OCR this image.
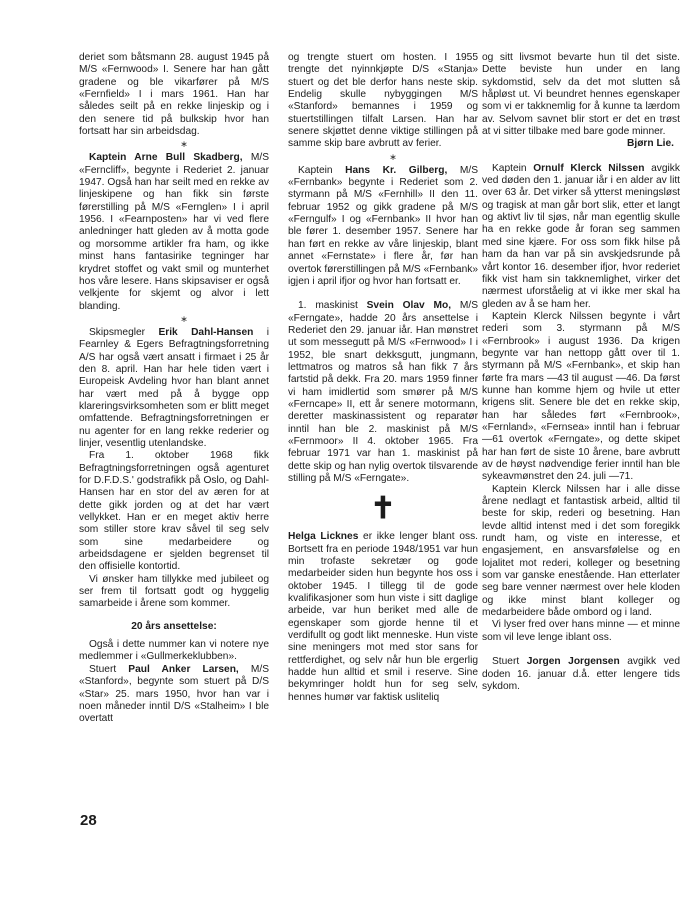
deriet som båtsmann 28. august 1945 på M/S «Fernwood» I. Senere har han gått gradene og ble vikarfører på M/S «Fernfield» I i mars 1961. Han har således seilt på en rekke linjeskip og i den senere tid på bulkskip hvor han fortsatt har sin arbeidsdag.

∗

Kaptein Arne Bull Skadberg, M/S «Ferncliff», begynte i Rederiet 2. januar 1947. Også han har seilt med en rekke av linjeskipene og han fikk sin første førerstilling på M/S «Fernglen» I i april 1956. I «Fearnposten» har vi ved flere anledninger hatt gleden av å motta gode og morsomme artikler fra ham, og ikke minst hans fantasirike tegninger har krydret stoffet og vakt smil og munterhet hos våre lesere. Hans skipsaviser er også velkjente for skjemt og alvor i lett blanding.

∗

Skipsmegler Erik Dahl-Hansen i Fearnley & Egers Befragtningsforretning A/S har også vært ansatt i firmaet i 25 år den 8. april. Han har hele tiden vært i Europeisk Avdeling hvor han blant annet har vært med på å bygge opp klareringsvirksomheten som er blitt meget omfattende. Befragtningsforretningen er nu agenter for en lang rekke rederier og linjer, vesentlig utenlandske.

Fra 1. oktober 1968 fikk Befragtningsforretningen også agenturet for D.F.D.S.' godstrafikk på Oslo, og Dahl-Hansen har en stor del av æren for at dette gikk jorden og at det har vært vellykket. Han er en meget aktiv herre som stiller store krav såvel til seg selv som sine medarbeidere og arbeidsdagene er sjelden begrenset til den offisielle kontortid.

Vi ønsker ham tillykke med jubileet og ser frem til fortsatt godt og hyggelig samarbeide i årene som kommer.

20 års ansettelse:

Også i dette nummer kan vi notere nye medlemmer i «Gullmerkeklubben».

Stuert Paul Anker Larsen, M/S «Stanford», begynte som stuert på D/S «Star» 25. mars 1950, hvor han var i noen måneder inntil D/S «Stalheim» I ble overtatt

og trengte stuert om hosten. I 1955 trengte det nyinnkjøpte D/S «Stanja» stuert og det ble derfor hans neste skip. Endelig skulle nybyggingen M/S «Stanford» bemannes i 1959 og stuertstillingen tilfalt Larsen. Han har senere skjøttet denne viktige stillingen på samme skip bare avbrutt av ferier.

∗

Kaptein Hans Kr. Gilberg, M/S «Fernbank» begynte i Rederiet som 2. styrmann på M/S «Fernhill» II den 11. februar 1952 og gikk gradene på M/S «Ferngulf» I og «Fernbank» II hvor han ble fører 1. desember 1957. Senere har han ført en rekke av våre linjeskip, blant annet «Fernstate» i flere år, før han overtok førerstillingen på M/S «Fernbank» igjen i april ifjor og hvor han fortsatt er.

1. maskinist Svein Olav Mo, M/S «Ferngate», hadde 20 års ansettelse i Rederiet den 29. januar iår. Han mønstret ut som messegutt på M/S «Fernwood» I i 1952, ble snart dekksgutt, jungmann, lettmatros og matros så han fikk 7 års fartstid på dekk. Fra 20. mars 1959 finner vi ham imidlertid som smører på M/S «Ferncape» II, ett år senere motormann, deretter maskinassistent og reparatør inntil han ble 2. maskinist på M/S «Fernmoor» II 4. oktober 1965. Fra februar 1971 var han 1. maskinist på dette skip og han nylig overtok tilsvarende stilling på M/S «Ferngate».

✝

Helga Licknes er ikke lenger blant oss. Bortsett fra en periode 1948/1951 var hun min trofaste sekretær og gode medarbeider siden hun begynte hos oss i oktober 1945. I tillegg til de gode kvalifikasjoner som hun viste i sitt daglige arbeide, var hun beriket med alle de egenskaper som gjorde henne til et verdifullt og godt likt menneske. Hun viste sine meningers mot med stor sans for rettferdighet, og selv når hun ble ergerlig hadde hun alltid et smil i reserve. Sine bekymringer holdt hun for seg selv, hennes humør var faktisk usliteliq

og sitt livsmot bevarte hun til det siste. Dette beviste hun under en lang sykdomstid, selv da det mot slutten så håpløst ut. Vi beundret hennes egenskaper som vi er takknemlig for å kunne ta lærdom av. Selvom savnet blir stort er det en trøst at vi sitter tilbake med bare gode minner.

Bjørn Lie.

Kaptein Ornulf Klerck Nilssen avgikk ved døden den 1. januar iår i en alder av litt over 63 år. Det virker så ytterst meningsløst og tragisk at man går bort slik, etter et langt og aktivt liv til sjøs, når man egentlig skulle ha en rekke gode år foran seg sammen med sine kjære. For oss som fikk hilse på ham da han var på sin avskjedsrunde på vårt kontor 16. desember ifjor, hvor rederiet fikk vist ham sin takknemlighet, virker det nærmest uforståelig at vi ikke mer skal ha gleden av å se ham her.

Kaptein Klerck Nilssen begynte i vårt rederi som 3. styrmann på M/S «Fernbrook» i august 1936. Da krigen begynte var han nettopp gått over til 1. styrmann på M/S «Fernbank», et skip han førte fra mars —43 til august —46. Da først kunne han komme hjem og hvile ut etter krigens slit. Senere ble det en rekke skip, han har således ført «Fernbrook», «Fernland», «Fernsea» inntil han i februar —61 overtok «Ferngate», og dette skipet har han ført de siste 10 årene, bare avbrutt av de høyst nødvendige ferier inntil han ble sykeavmønstret den 24. juli —71.

Kaptein Klerck Nilssen har i alle disse årene nedlagt et fantastisk arbeid, alltid til beste for skip, rederi og besetning. Han levde alltid intenst med i det som foregikk rundt ham, og viste en interesse, et engasjement, en ansvarsfølelse og en lojalitet mot rederi, kolleger og besetning som var ganske enestående. Han etterlater seg bare venner nærmest over hele kloden og ikke minst blant kolleger og medarbeidere både ombord og i land.

Vi lyser fred over hans minne — et minne som vil leve lenge iblant oss.

Stuert Jorgen Jorgensen avgikk ved doden 16. januar d.å. etter lengere tids sykdom.

28
